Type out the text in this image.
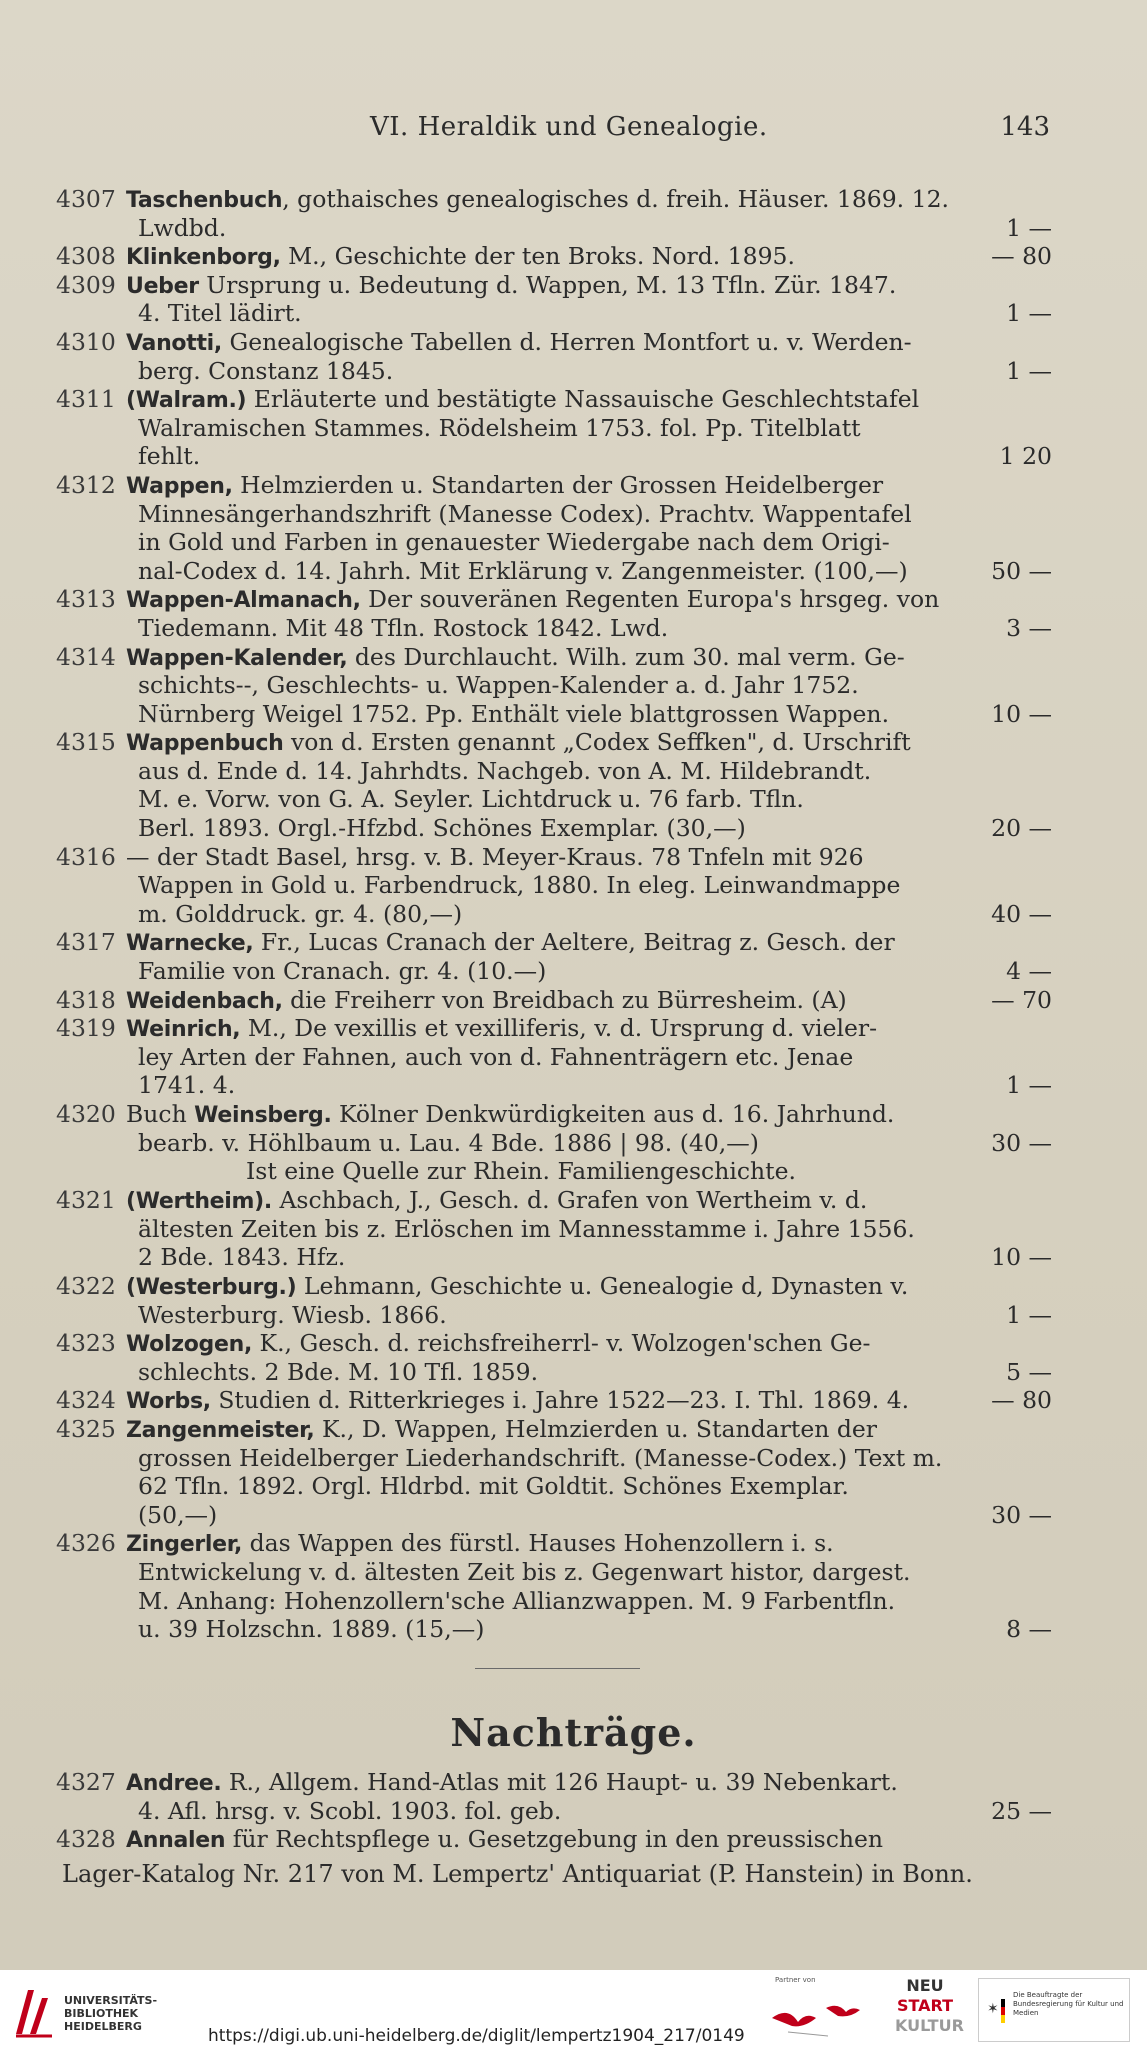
VI. Heraldik und Genealogie.	143
4307 Taschenbuch, gothaisches genealogisches d. freih. Häuser. 1869. 12.
Lwdbd.	1 —
4308 Klinkenborg, M., Geschichte der ten Broks. Nord. 1895.	— 80
4309 Ueber Ursprung u. Bedeutung d. Wappen, M. 13 Tfln. Zür. 1847.
4. Titel lädirt.	1 —
4310 Vanotti, Genealogische Tabellen d. Herren Montfort u. v. Werden-
berg. Constanz 1845.	1 —
4311 (Walram.) Erläuterte und bestätigte Nassauische Geschlechtstafel
Walramischen Stammes. Rödelsheim 1753. fol. Pp. Titelblatt
fehlt.	1 20
4312 Wappen, Helmzierden u. Standarten der Grossen Heidelberger
Minnesängerhandszhrift (Manesse Codex). Prachtv. Wappentafel
in Gold und Farben in genauester Wiedergabe nach dem Origi-
nal-Codex d. 14. Jahrh. Mit Erklärung v. Zangenmeister. (100,—)	50 —
4313 Wappen-Almanach, Der souveränen Regenten Europa's hrsgeg. von
Tiedemann. Mit 48 Tfln. Rostock 1842. Lwd.	3 —
4314 Wappen-Kalender, des Durchlaucht. Wilh. zum 30. mal verm. Ge-
schichts--, Geschlechts- u. Wappen-Kalender a. d. Jahr 1752.
Nürnberg Weigel 1752. Pp. Enthält viele blattgrossen Wappen.	10 —
4315 Wappenbuch von d. Ersten genannt „Codex Seffken", d. Urschrift
aus d. Ende d. 14. Jahrhdts. Nachgeb. von A. M. Hildebrandt.
M. e. Vorw. von G. A. Seyler. Lichtdruck u. 76 farb. Tfln.
Berl. 1893. Orgl.-Hfzbd. Schönes Exemplar. (30,—)	20 —
4316 — der Stadt Basel, hrsg. v. B. Meyer-Kraus. 78 Tnfeln mit 926
Wappen in Gold u. Farbendruck, 1880. In eleg. Leinwandmappe
m. Golddruck. gr. 4. (80,—)	40 —
4317 Warnecke, Fr., Lucas Cranach der Aeltere, Beitrag z. Gesch. der
Familie von Cranach. gr. 4. (10.—)	4 —
4318 Weidenbach, die Freiherr von Breidbach zu Bürresheim. (A)	— 70
4319 Weinrich, M., De vexillis et vexilliferis, v. d. Ursprung d. vieler-
ley Arten der Fahnen, auch von d. Fahnenträgern etc. Jenae
1741. 4.	1 —
4320 Buch Weinsberg. Kölner Denkwürdigkeiten aus d. 16. Jahrhund.
bearb. v. Höhlbaum u. Lau. 4 Bde. 1886 | 98. (40,—)	30 —
Ist eine Quelle zur Rhein. Familiengeschichte.
4321 (Wertheim). Aschbach, J., Gesch. d. Grafen von Wertheim v. d.
ältesten Zeiten bis z. Erlöschen im Mannesstamme i. Jahre 1556.
2 Bde. 1843. Hfz.	10 —
4322 (Westerburg.) Lehmann, Geschichte u. Genealogie d, Dynasten v.
Westerburg. Wiesb. 1866.	1 —
4323 Wolzogen, K., Gesch. d. reichsfreiherrl- v. Wolzogen'schen Ge-
schlechts. 2 Bde. M. 10 Tfl. 1859.	5 —
4324 Worbs, Studien d. Ritterkrieges i. Jahre 1522—23. I. Thl. 1869. 4.	— 80
4325 Zangenmeister, K., D. Wappen, Helmzierden u. Standarten der
grossen Heidelberger Liederhandschrift. (Manesse-Codex.) Text m.
62 Tfln. 1892. Orgl. Hldrbd. mit Goldtit. Schönes Exemplar.
(50,—)	30 —
4326 Zingerler, das Wappen des fürstl. Hauses Hohenzollern i. s.
Entwickelung v. d. ältesten Zeit bis z. Gegenwart histor, dargest.
M. Anhang: Hohenzollern'sche Allianzwappen. M. 9 Farbentfln.
u. 39 Holzschn. 1889. (15,—)	8 —
Nachträge.
4327 Andree. R., Allgem. Hand-Atlas mit 126 Haupt- u. 39 Nebenkart.
4. Afl. hrsg. v. Scobl. 1903. fol. geb.	25 —
4328 Annalen für Rechtspflege u. Gesetzgebung in den preussischen
Lager-Katalog Nr. 217 von M. Lempertz' Antiquariat (P. Hanstein) in Bonn.
UNIVERSITÄTS-
BIBLIOTHEK
HEIDELBERG	https://digi.ub.uni-heidelberg.de/diglit/lempertz1904_217/0149
Partner von	NEU
START
KULTUR
✶
Die Beauftragte der Bundesregierung für Kultur und Medien
